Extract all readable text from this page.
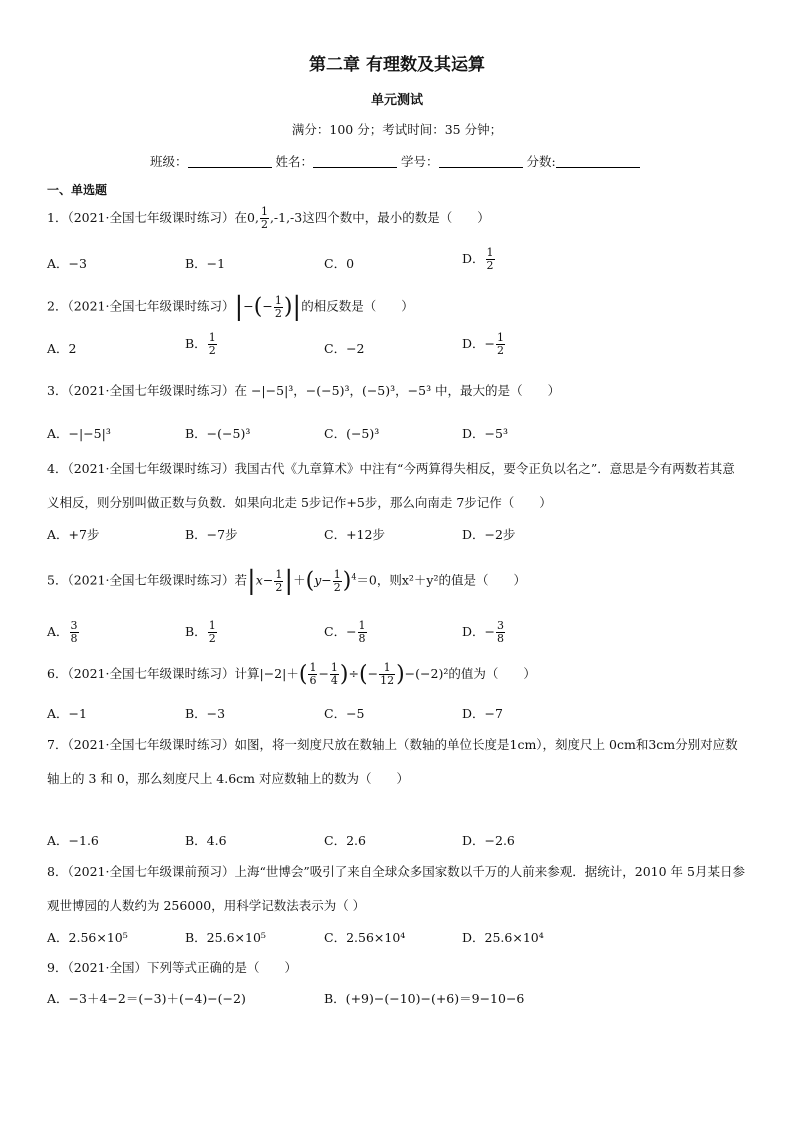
第二章 有理数及其运算
单元测试
满分：100 分；考试时间：35 分钟；
班级：	姓名：	学号：	分数:
一、单选题
1．（2021·全国七年级课时练习）在0, $\frac{1}{2} ,-1,-3$这四个数中，最小的数是（　　）
A．−3	B．−1	C．0	D． $\frac{1}{2}$
2．（2021·全国七年级课时练习）|−(− $\frac{1}{2}$ )|的相反数是（　　）
A．2	B． $\frac{1}{2}$	C．−2	D．− $\frac{1}{2}$
3．（2021·全国七年级课时练习）在 −|−5|³，−(−5)³，(−5)³，−5³ 中，最大的是（　　）
A．−|−5|³	B．−(−5)³	C．(−5)³	D．−5³
4．（2021·全国七年级课时练习）我国古代《九章算术》中注有“今两算得失相反，要令正负以名之”．意思是今有两数若其意义相反，则分别叫做正数与负数．如果向北走 5步记作+5步，那么向南走 7步记作（　　）
A．+7步	B．−7步	C．+12步	D．−2步
5．（2021·全国七年级课时练习）若$|x- \frac{1}{2} |+(y- \frac{1}{2} )^4=0$，则x²＋y²的值是（　　）
A． $\frac{3}{8}$	B． $\frac{1}{2}$	C．− $\frac{1}{8}$	D．− $\frac{3}{8}$
6．（2021·全国七年级课时练习）计算$|-2|+( \frac{1}{6} - \frac{1}{4}$ )÷(− $\frac{1}{12} )-(-2)^2$的值为（　　）
A．−1	B．−3	C．−5	D．−7
7．（2021·全国七年级课时练习）如图，将一刻度尺放在数轴上（数轴的单位长度是1cm），刻度尺上 0cm和3cm分别对应数轴上的 3 和 0，那么刻度尺上 4.6cm 对应数轴上的数为（　　）
A．−1.6	B．4.6	C．2.6	D．−2.6
8．（2021·全国七年级课前预习）上海“世博会”吸引了来自全球众多国家数以千万的人前来参观．据统计，2010 年 5月某日参观世博园的人数约为 256000，用科学记数法表示为（ ）
A．2.56×10⁵	B．25.6×10⁵	C．2.56×10⁴	D．25.6×10⁴
9．（2021·全国）下列等式正确的是（　　）
A．−3＋4−2＝(−3)＋(−4)−(−2)	B．(+9)−(−10)−(+6)＝9−10−6
